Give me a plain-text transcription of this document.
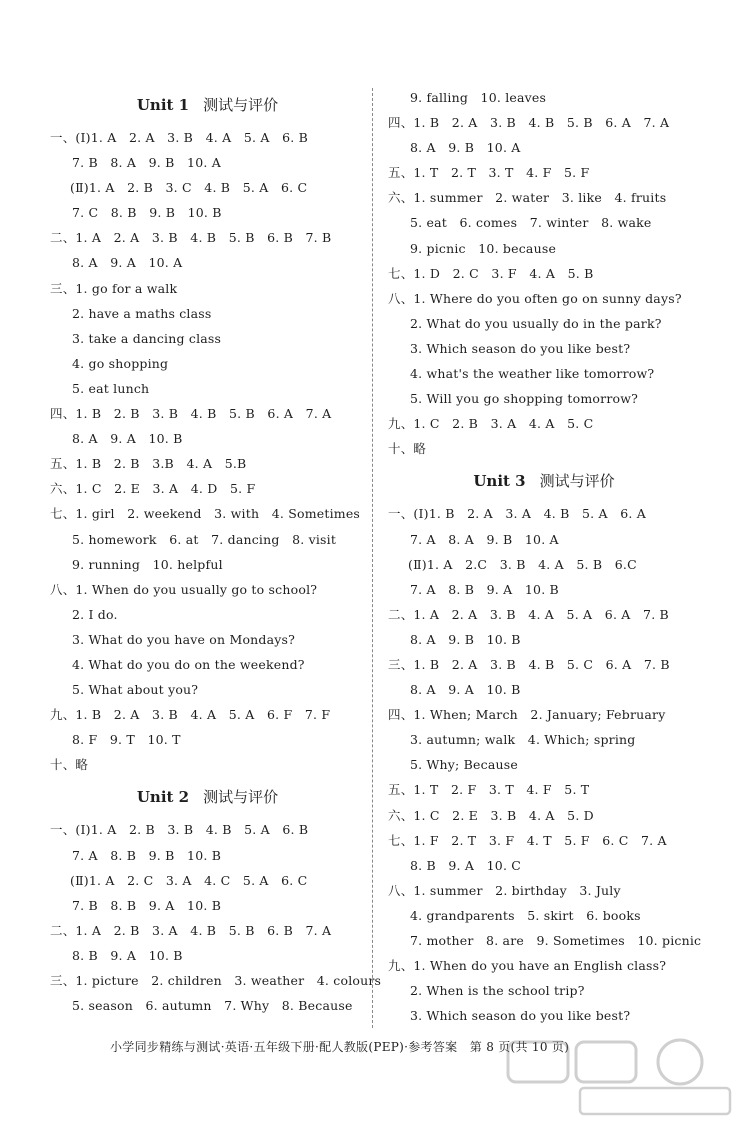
Unit 1 测试与评价
一、(Ⅰ)1. A   2. A   3. B   4. A   5. A   6. B
7. B   8. A   9. B   10. A
(Ⅱ)1. A   2. B   3. C   4. B   5. A   6. C
7. C   8. B   9. B   10. B
二、1. A   2. A   3. B   4. B   5. B   6. B   7. B
8. A   9. A   10. A
三、1. go for a walk
2. have a maths class
3. take a dancing class
4. go shopping
5. eat lunch
四、1. B   2. B   3. B   4. B   5. B   6. A   7. A
8. A   9. A   10. B
五、1. B   2. B   3.B   4. A   5.B
六、1. C   2. E   3. A   4. D   5. F
七、1. girl   2. weekend   3. with   4. Sometimes
5. homework   6. at   7. dancing   8. visit
9. running   10. helpful
八、1. When do you usually go to school?
2. I do.
3. What do you have on Mondays?
4. What do you do on the weekend?
5. What about you?
九、1. B   2. A   3. B   4. A   5. A   6. F   7. F
8. F   9. T   10. T
十、略
Unit 2 测试与评价
一、(Ⅰ)1. A   2. B   3. B   4. B   5. A   6. B
7. A   8. B   9. B   10. B
(Ⅱ)1. A   2. C   3. A   4. C   5. A   6. C
7. B   8. B   9. A   10. B
二、1. A   2. B   3. A   4. B   5. B   6. B   7. A
8. B   9. A   10. B
三、1. picture   2. children   3. weather   4. colours
5. season   6. autumn   7. Why   8. Because
9. falling   10. leaves
四、1. B   2. A   3. B   4. B   5. B   6. A   7. A
8. A   9. B   10. A
五、1. T   2. T   3. T   4. F   5. F
六、1. summer   2. water   3. like   4. fruits
5. eat   6. comes   7. winter   8. wake
9. picnic   10. because
七、1. D   2. C   3. F   4. A   5. B
八、1. Where do you often go on sunny days?
2. What do you usually do in the park?
3. Which season do you like best?
4. what's the weather like tomorrow?
5. Will you go shopping tomorrow?
九、1. C   2. B   3. A   4. A   5. C
十、略
Unit 3 测试与评价
一、(Ⅰ)1. B   2. A   3. A   4. B   5. A   6. A
7. A   8. A   9. B   10. A
(Ⅱ)1. A   2.C   3. B   4. A   5. B   6.C
7. A   8. B   9. A   10. B
二、1. A   2. A   3. B   4. A   5. A   6. A   7. B
8. A   9. B   10. B
三、1. B   2. A   3. B   4. B   5. C   6. A   7. B
8. A   9. A   10. B
四、1. When; March   2. January; February
3. autumn; walk   4. Which; spring
5. Why; Because
五、1. T   2. F   3. T   4. F   5. T
六、1. C   2. E   3. B   4. A   5. D
七、1. F   2. T   3. F   4. T   5. F   6. C   7. A
8. B   9. A   10. C
八、1. summer   2. birthday   3. July
4. grandparents   5. skirt   6. books
7. mother   8. are   9. Sometimes   10. picnic
九、1. When do you have an English class?
2. When is the school trip?
3. Which season do you like best?
小学同步精练与测试·英语·五年级下册·配人教版(PEP)·参考答案   第 8 页(共 10 页)
